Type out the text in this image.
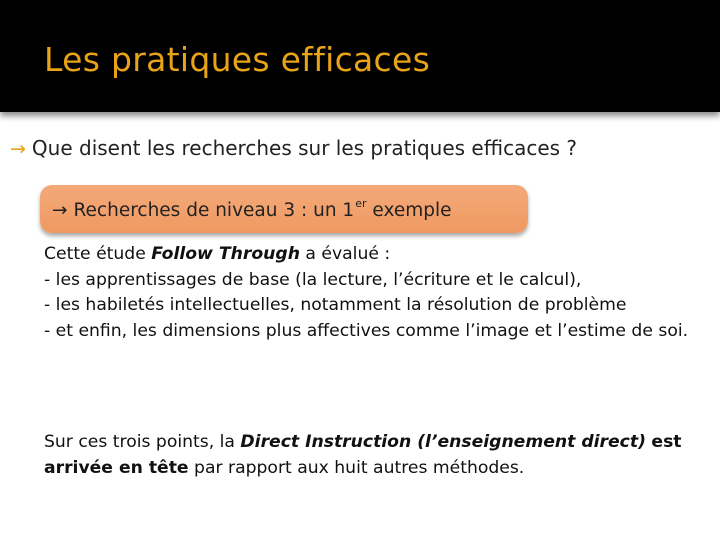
Les pratiques efficaces
→ Que disent les recherches sur les pratiques efficaces ?
→ Recherches de niveau 3 : un 1er exemple

Cette étude Follow Through a évalué :

- les apprentissages de base (la lecture, l’écriture et le calcul),

- les habiletés intellectuelles, notamment la résolution de problème

- et enfin, les dimensions plus affectives comme l’image et l’estime de soi.

Sur ces trois points, la Direct Instruction (l’enseignement direct) est arrivée en tête par rapport aux huit autres méthodes.
